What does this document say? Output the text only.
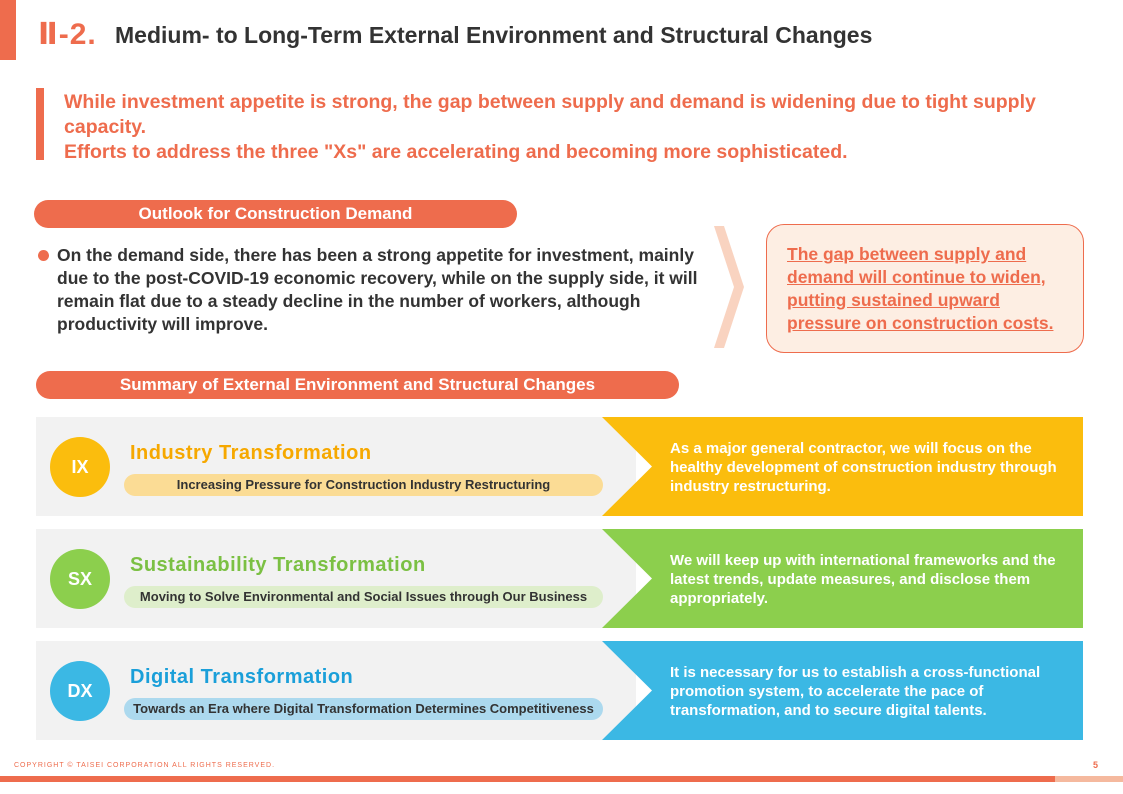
Ⅱ-2. Medium- to Long-Term External Environment and Structural Changes
While investment appetite is strong, the gap between supply and demand is widening due to tight supply capacity.
Efforts to address the three "Xs" are accelerating and becoming more sophisticated.
Outlook for Construction Demand
On the demand side, there has been a strong appetite for investment, mainly due to the post-COVID-19 economic recovery, while on the supply side, it will remain flat due to a steady decline in the number of workers, although productivity will improve.
The gap between supply and demand will continue to widen, putting sustained upward pressure on construction costs.
Summary of External Environment and Structural Changes
IX
Industry Transformation
Increasing Pressure for Construction Industry Restructuring
As a major general contractor, we will focus on the healthy development of construction industry through industry restructuring.
SX
Sustainability Transformation
Moving to Solve Environmental and Social Issues through Our Business
We will keep up with international frameworks and the latest trends, update measures, and disclose them appropriately.
DX
Digital Transformation
Towards an Era where Digital Transformation Determines Competitiveness
It is necessary for us to establish a cross-functional promotion system, to accelerate the pace of transformation, and to secure digital talents.
COPYRIGHT © TAISEI CORPORATION ALL RIGHTS RESERVED.	5
